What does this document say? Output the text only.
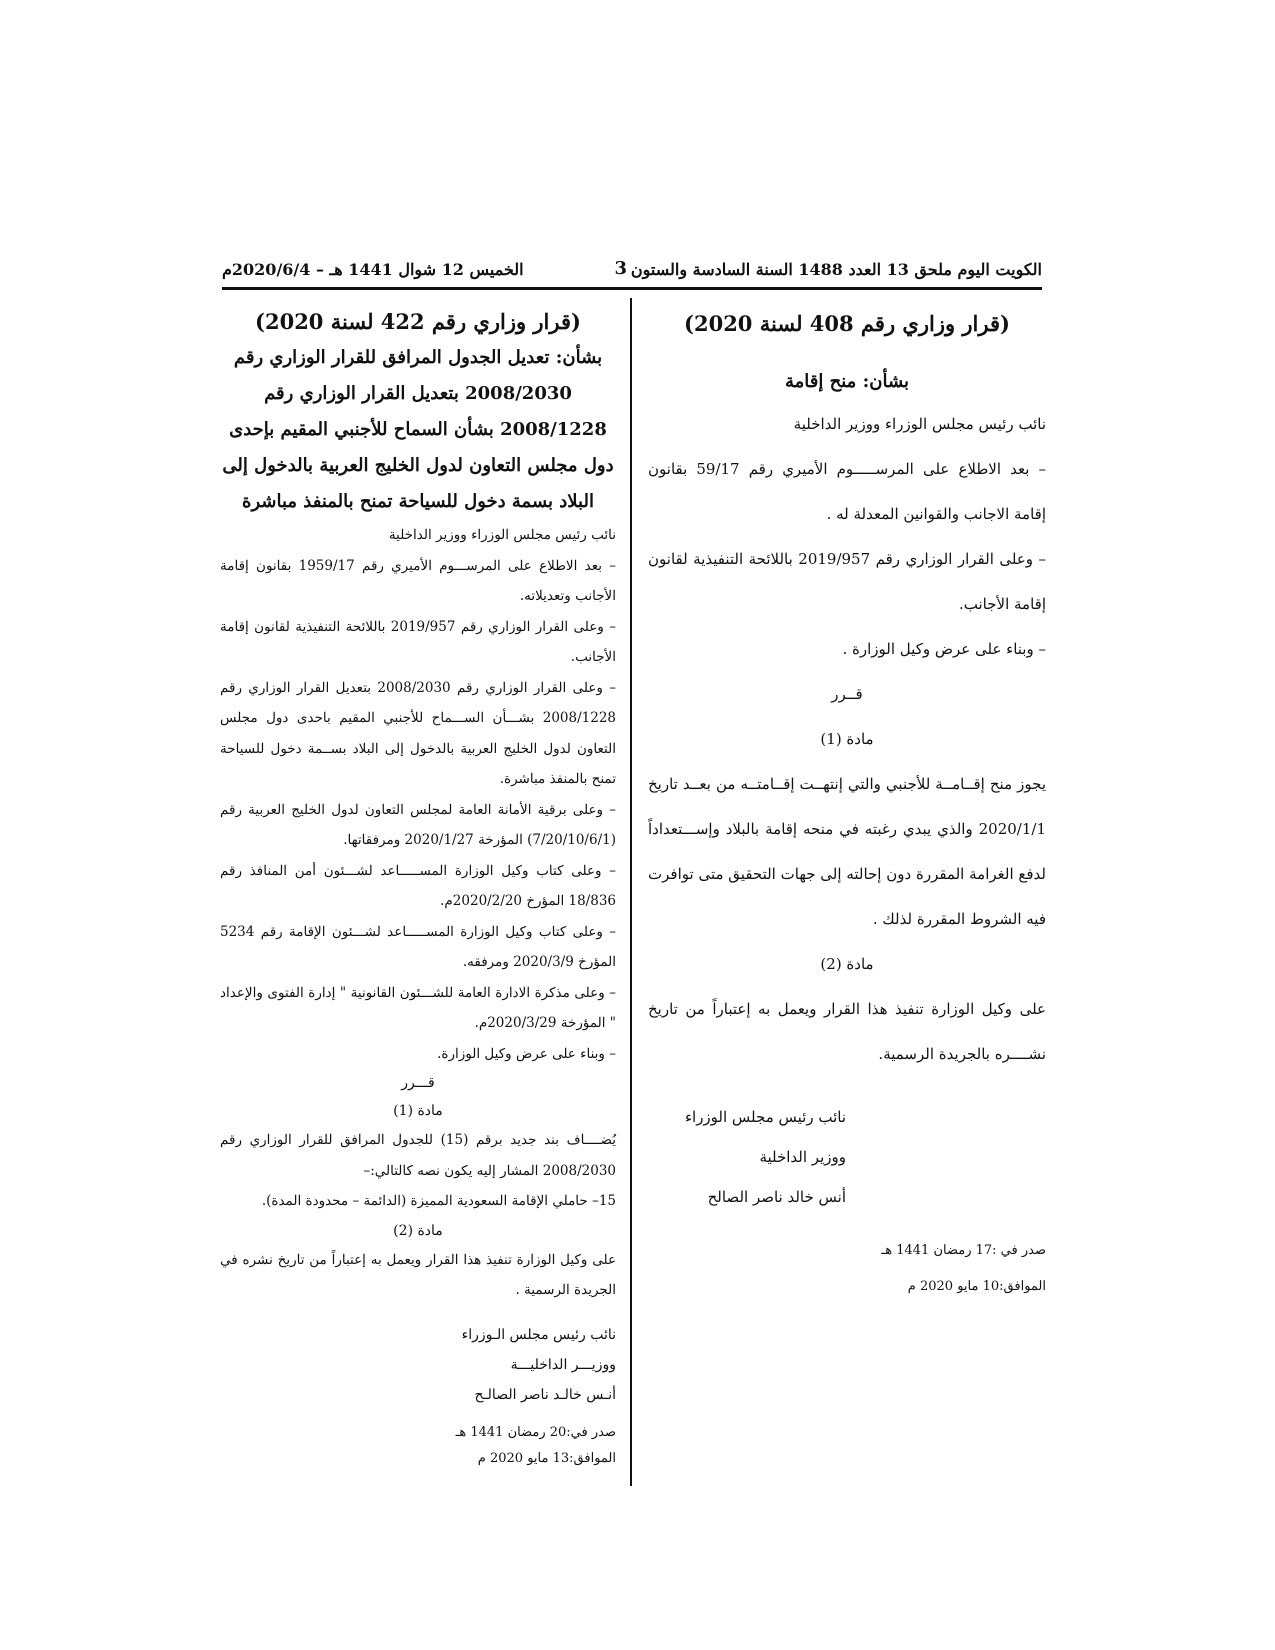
الكويت اليوم ملحق 13 العدد 1488 السنة السادسة والستون
3
الخميس 12 شوال 1441 هـ – 2020/6/4م

(قرار وزاري رقم 408 لسنة 2020)

بشأن: منح إقامة

نائب رئيس مجلس الوزراء ووزير الداخلية

– بعد الاطلاع على المرســـــوم الأميري رقم 59/17 بقانون إقامة الاجانب والقوانين المعدلة له .

– وعلى القرار الوزاري رقم 2019/957 باللائحة التنفيذية لقانون إقامة الأجانب.

– وبناء على عرض وكيل الوزارة .

قــرر

مادة (1)

يجوز منح إقــامــة للأجنبي والتي إنتهــت إقــامتــه من بعــد تاريخ 2020/1/1 والذي يبدي رغبته في منحه إقامة بالبلاد وإســـتعداداً لدفع الغرامة المقررة دون إحالته إلى جهات التحقيق متى توافرت فيه الشروط المقررة لذلك .

مادة (2)

على وكيل الوزارة تنفيذ هذا القرار ويعمل به إعتباراً من تاريخ نشــــره بالجريدة الرسمية.

نائب رئيس مجلس الوزراء

ووزير الداخلية

أنس خالد ناصر الصالح

صدر في :17 رمضان 1441 هـ

الموافق:10 مايو 2020 م

(قرار وزاري رقم 422 لسنة 2020)

بشأن: تعديل الجدول المرافق للقرار الوزاري رقم

2008/2030 بتعديل القرار الوزاري رقم

2008/1228 بشأن السماح للأجنبي المقيم بإحدى

دول مجلس التعاون لدول الخليج العربية بالدخول إلى

البلاد بسمة دخول للسياحة تمنح بالمنفذ مباشرة

نائب رئيس مجلس الوزراء ووزير الداخلية

– بعد الاطلاع على المرســـوم الأميري رقم 1959/17 بقانون إقامة الأجانب وتعديلاته.

– وعلى القرار الوزاري رقم 2019/957 باللائحة التنفيذية لقانون إقامة الأجانب.

– وعلى القرار الوزاري رقم 2008/2030 بتعديل القرار الوزاري رقم 2008/1228 بشـــأن الســـماح للأجنبي المقيم باحدى دول مجلس التعاون لدول الخليج العربية بالدخول إلى البلاد بســمة دخول للسياحة تمنح بالمنفذ مباشرة.

– وعلى برقية الأمانة العامة لمجلس التعاون لدول الخليج العربية رقم (7/20/10/6/1) المؤرخة 2020/1/27 ومرفقاتها.

– وعلى كتاب وكيل الوزارة المســـــاعد لشـــئون أمن المنافذ رقم 18/836 المؤرخ 2020/2/20م.

– وعلى كتاب وكيل الوزارة المســـــاعد لشـــئون الإقامة رقم 5234 المؤرخ 2020/3/9 ومرفقه.

– وعلى مذكرة الادارة العامة للشـــئون القانونية " إدارة الفتوى والإعداد " المؤرخة 2020/3/29م.

– وبناء على عرض وكيل الوزارة.

قـــرر

مادة (1)

يُضــــاف بند جديد برقم (15) للجدول المرافق للقرار الوزاري رقم 2008/2030 المشار إليه يكون نصه كالتالي:–

15– حاملي الإقامة السعودية المميزة (الدائمة – محدودة المدة).

مادة (2)

على وكيل الوزارة تنفيذ هذا القرار ويعمل به إعتباراً من تاريخ نشره في الجريدة الرسمية .

نائب رئيس مجلس الـوزراء

ووزيـــر الداخليـــة

أنـس خالـد ناصر الصالـح

صدر في:20 رمضان 1441 هـ

الموافق:13 مايو 2020 م
